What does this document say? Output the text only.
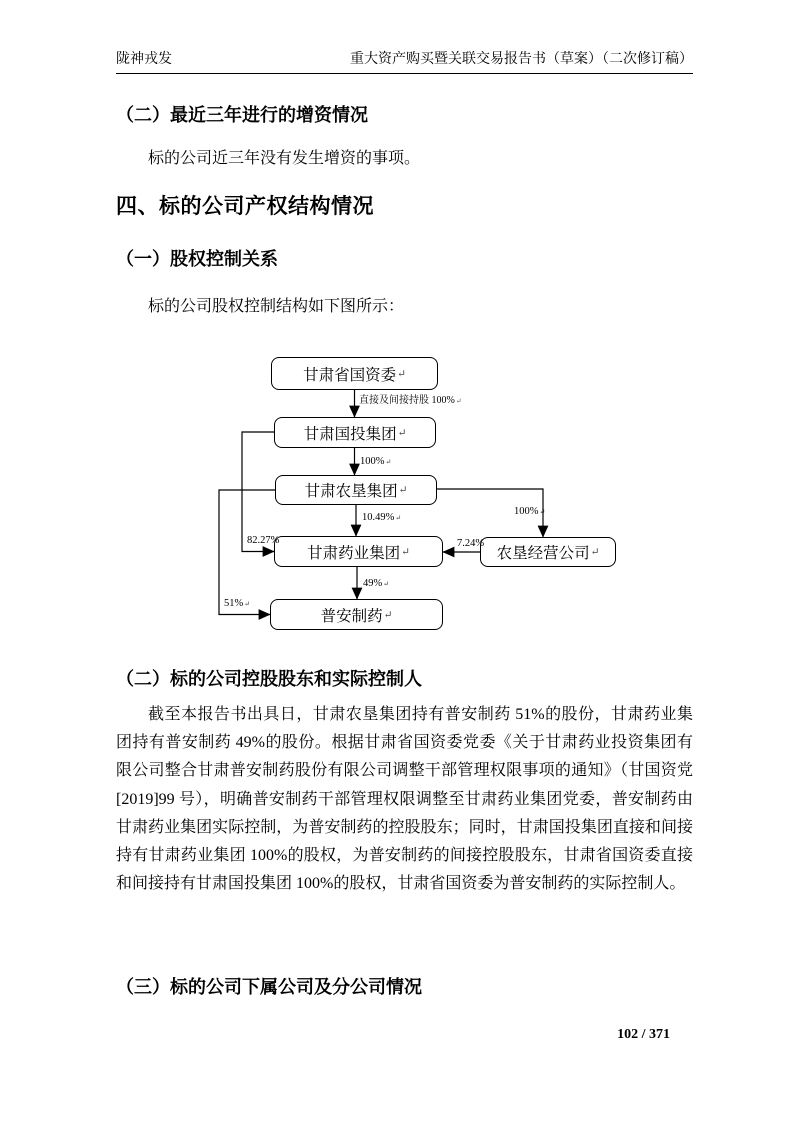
陇神戎发	重大资产购买暨关联交易报告书（草案）（二次修订稿）
（二）最近三年进行的增资情况

标的公司近三年没有发生增资的事项。

四、标的公司产权结构情况
（一）股权控制关系

标的公司股权控制结构如下图所示：

甘肃省国资委 ↵
甘肃国投集团 ↵
甘肃农垦集团 ↵
甘肃药业集团 ↵	农垦经营公司 ↵
普安制药 ↵
直接及间接持股 100%↵
100%↵
10.49%↵
82.27%	7.24%
100%↵
49%↵
51%↵
（二）标的公司控股股东和实际控制人

截至本报告书出具日，甘肃农垦集团持有普安制药 51%的股份，甘肃药业集团持有普安制药 49%的股份。根据甘肃省国资委党委《关于甘肃药业投资集团有限公司整合甘肃普安制药股份有限公司调整干部管理权限事项的通知》（甘国资党[2019]99 号），明确普安制药干部管理权限调整至甘肃药业集团党委，普安制药由甘肃药业集团实际控制，为普安制药的控股股东；同时，甘肃国投集团直接和间接持有甘肃药业集团 100%的股权，为普安制药的间接控股股东，甘肃省国资委直接和间接持有甘肃国投集团 100%的股权，甘肃省国资委为普安制药的实际控制人。

（三）标的公司下属公司及分公司情况
102 / 371
